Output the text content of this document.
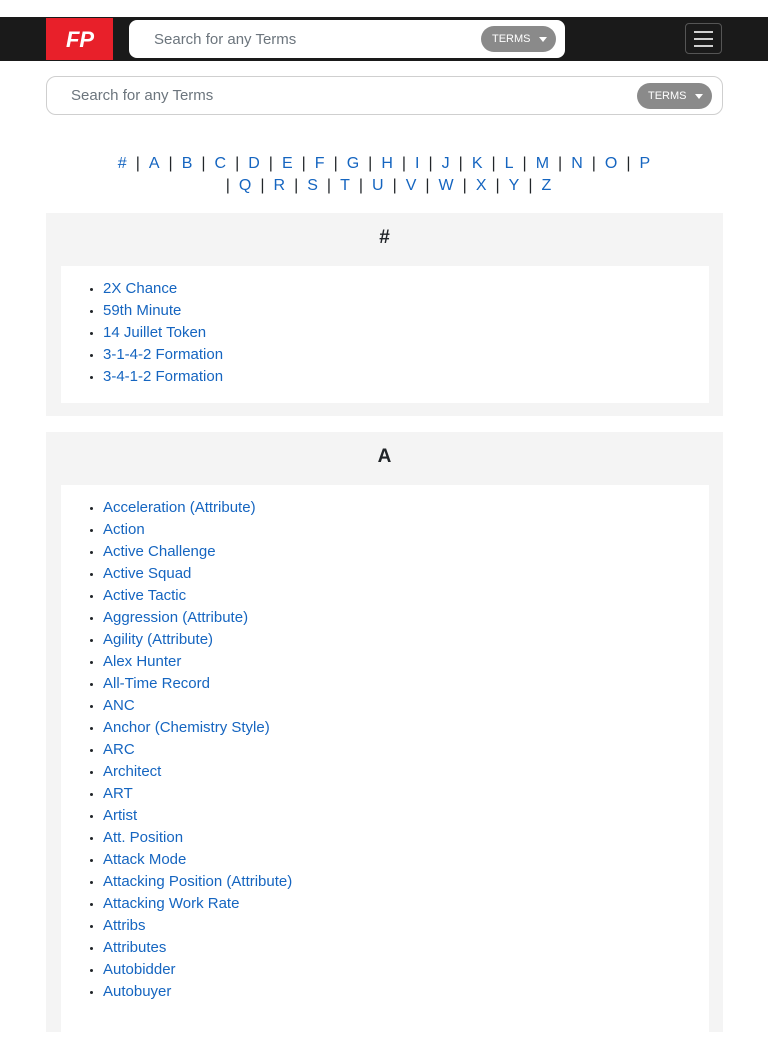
FP
Search for any Terms	TERMS
Search for any Terms
TERMS
# | A | B | C | D | E | F | G | H | I | J | K | L | M | N | O | P
| Q | R | S | T | U | V | W | X | Y | Z
#
• 2X Chance
• 59th Minute
• 14 Juillet Token
• 3-1-4-2 Formation
• 3-4-1-2 Formation
A
• Acceleration (Attribute)
• Action
• Active Challenge
• Active Squad
• Active Tactic
• Aggression (Attribute)
• Agility (Attribute)
• Alex Hunter
• All-Time Record
• ANC
• Anchor (Chemistry Style)
• ARC
• Architect
• ART
• Artist
• Att. Position
• Attack Mode
• Attacking Position (Attribute)
• Attacking Work Rate
• Attribs
• Attributes
• Autobidder
• Autobuyer
